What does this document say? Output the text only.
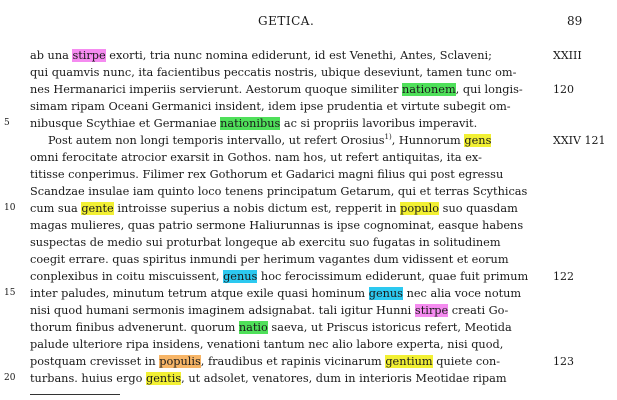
GETICA.	89
5
10
15
20
XXIII
120
XXIV 121
122
123
ab una stirpe exorti, tria nunc nomina ediderunt, id est Venethi, Antes, Sclaveni;
qui quamvis nunc, ita facientibus peccatis nostris, ubique deseviunt, tamen tunc om-
nes Hermanarici imperiis servierunt. Aestorum quoque similiter nationem, qui longis-
simam ripam Oceani Germanici insident, idem ipse prudentia et virtute subegit om-
nibusque Scythiae et Germaniae nationibus ac si propriis lavoribus imperavit.
Post autem non longi temporis intervallo, ut refert Orosius$^{1)}$, Hunnorum gens
omni ferocitate atrocior exarsit in Gothos. nam hos, ut refert antiquitas, ita ex-
titisse conperimus. Filimer rex Gothorum et Gadarici magni filius qui post egressu
Scandzae insulae iam quinto loco tenens principatum Getarum, qui et terras Scythicas
cum sua gente introisse superius a nobis dictum est, repperit in populo suo quasdam
magas mulieres, quas patrio sermone Haliurunnas is ipse cognominat, easque habens
suspectas de medio sui proturbat longeque ab exercitu suo fugatas in solitudinem
coegit errare. quas spiritus inmundi per herimum vagantes dum vidissent et eorum
conplexibus in coitu miscuissent, genus hoc ferocissimum ediderunt, quae fuit primum
inter paludes, minutum tetrum atque exile quasi hominum genus nec alia voce notum
nisi quod humani sermonis imaginem adsignabat. tali igitur Hunni stirpe creati Go-
thorum finibus advenerunt. quorum natio saeva, ut Priscus istoricus refert, Meotida
palude ulteriore ripa insidens, venationi tantum nec alio labore experta, nisi quod,
postquam crevisset in populis, fraudibus et rapinis vicinarum gentium quiete con-
turbans. huius ergo gentis, ut adsolet, venatores, dum in interioris Meotidae ripam
